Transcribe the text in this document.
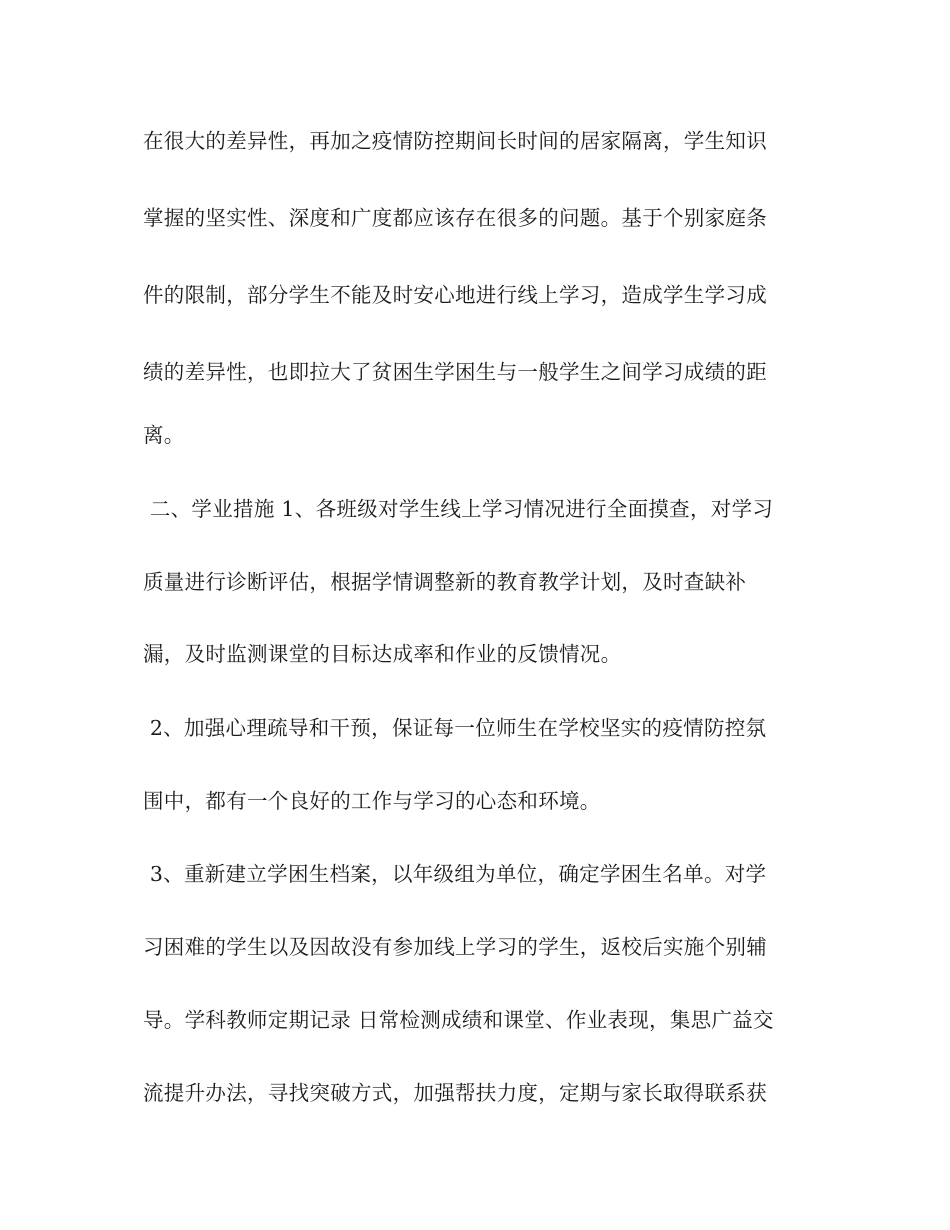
在很大的差异性，再加之疫情防控期间长时间的居家隔离，学生知识
掌握的坚实性、深度和广度都应该存在很多的问题。基于个别家庭条
件的限制，部分学生不能及时安心地进行线上学习，造成学生学习成
绩的差异性，也即拉大了贫困生学困生与一般学生之间学习成绩的距
离。
二、学业措施 1、各班级对学生线上学习情况进行全面摸查，对学习
质量进行诊断评估，根据学情调整新的教育教学计划，及时查缺补
漏，及时监测课堂的目标达成率和作业的反馈情况。
2、加强心理疏导和干预，保证每一位师生在学校坚实的疫情防控氛
围中，都有一个良好的工作与学习的心态和环境。
3、重新建立学困生档案，以年级组为单位，确定学困生名单。对学
习困难的学生以及因故没有参加线上学习的学生，返校后实施个别辅
导。学科教师定期记录 日常检测成绩和课堂、作业表现，集思广益交
流提升办法，寻找突破方式，加强帮扶力度，定期与家长取得联系获
